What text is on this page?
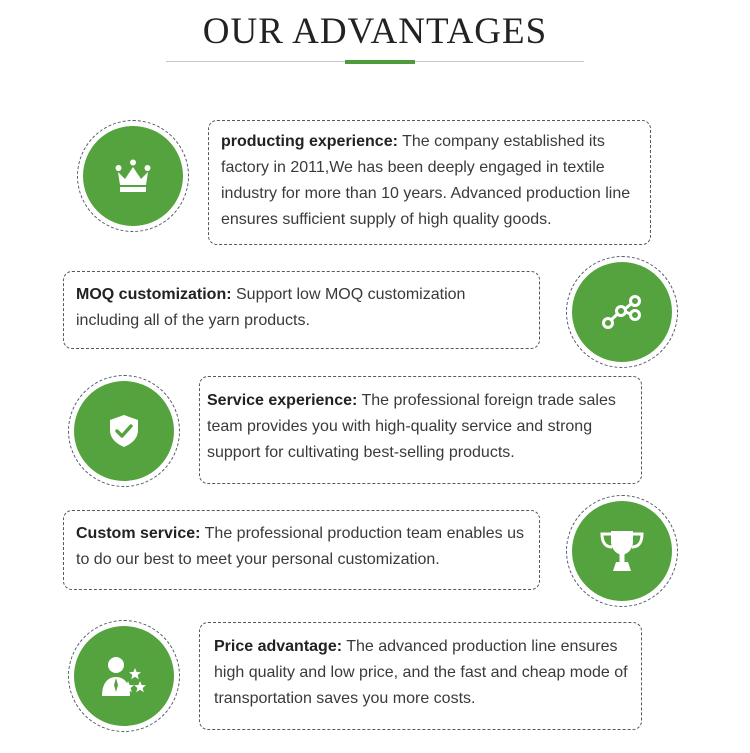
OUR ADVANTAGES
producting experience: The company established its factory in 2011,We has been deeply engaged in textile industry for more than 10 years. Advanced production line ensures sufficient supply of high quality goods.
MOQ customization: Support low MOQ customization including all of the yarn products.
Service experience: The professional foreign trade sales team provides you with high-quality service and strong support for cultivating best-selling products.
Custom service: The professional production team enables us to do our best to meet your personal customization.
Price advantage: The advanced production line ensures high quality and low price, and the fast and cheap mode of transportation saves you more costs.
